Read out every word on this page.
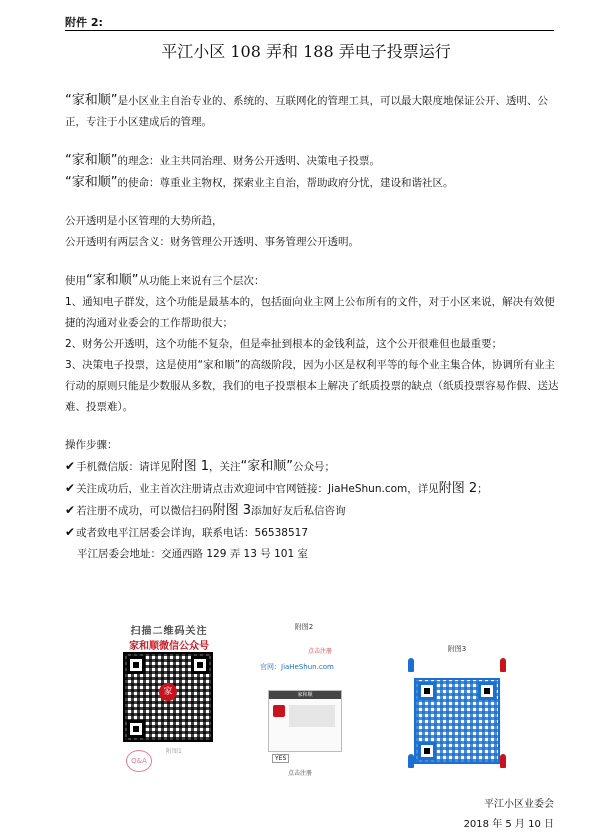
附件 2:
平江小区 108 弄和 188 弄电子投票运行

“家和顺”是小区业主自治专业的、系统的、互联网化的管理工具，可以最大限度地保证公开、透明、公正，专注于小区建成后的管理。

“家和顺”的理念：业主共同治理、财务公开透明、决策电子投票。

“家和顺”的使命：尊重业主物权，探索业主自治，帮助政府分忧，建设和谐社区。

公开透明是小区管理的大势所趋，

公开透明有两层含义：财务管理公开透明、事务管理公开透明。

使用“家和顺”从功能上来说有三个层次：

1、通知电子群发，这个功能是最基本的，包括面向业主网上公布所有的文件，对于小区来说，解决有效便捷的沟通对业委会的工作帮助很大；

2、财务公开透明，这个功能不复杂，但是牵扯到根本的金钱利益，这个公开很难但也最重要；

3、决策电子投票，这是使用“家和顺”的高级阶段，因为小区是权利平等的每个业主集合体，协调所有业主行动的原则只能是少数服从多数，我们的电子投票根本上解决了纸质投票的缺点（纸质投票容易作假、送达难、投票难）。

操作步骤：

✔手机微信版：请详见附图 1，关注“家和顺”公众号；

✔关注成功后，业主首次注册请点击欢迎词中官网链接：JiaHeShun.com，详见附图 2；

✔若注册不成功，可以微信扫码附图 3添加好友后私信咨询

✔或者致电平江居委会详询，联系电话：56538517

平江居委会地址：交通西路 129 弄 13 号 101 室

扫描二维码关注
家和顺微信公众号
家
Q&A
附图1
附图2
点击注册
官网：JiaHeShun.com
家和顺
YES
点击注册
附图3
平江小区业委会
2018 年 5 月 10 日
